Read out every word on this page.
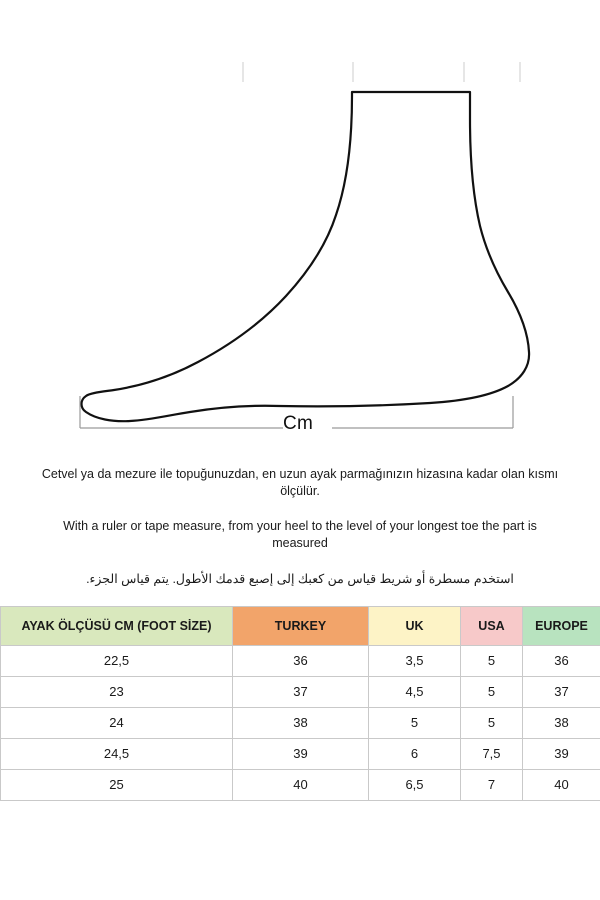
Cm

Cetvel ya da mezure ile topuğunuzdan, en uzun ayak parmağınızın hizasına kadar olan kısmı ölçülür.

With a ruler or tape measure, from your heel to the level of your longest toe the part is measured

استخدم مسطرة أو شريط قياس من كعبك إلى إصبع قدمك الأطول. يتم قياس الجزء.

AYAK ÖLÇÜSÜ CM (FOOT SİZE)	TURKEY	UK	USA	EUROPE
22,5	36	3,5	5	36
23	37	4,5	5	37
24	38	5	5	38
24,5	39	6	7,5	39
25	40	6,5	7	40
